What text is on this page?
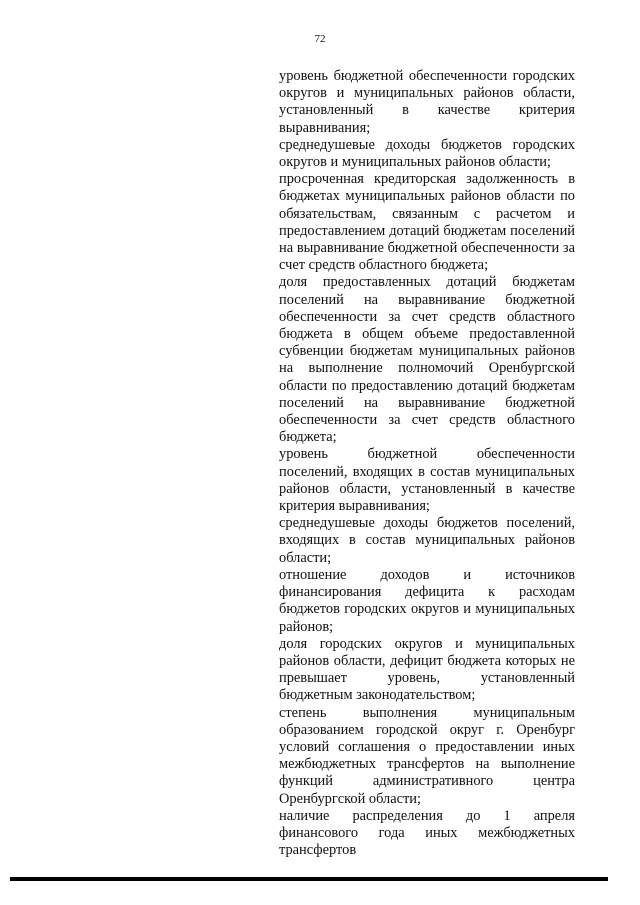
72

уровень бюджетной обеспеченности городских округов и муниципальных районов области, установленный в качестве критерия выравнивания;

среднедушевые доходы бюджетов городских округов и муниципальных районов области;

просроченная кредиторская задолженность в бюджетах муниципальных районов области по обязательствам, связанным с расчетом и предоставлением дотаций бюджетам поселений на выравнивание бюджетной обеспеченности за счет средств областного бюджета;

доля предоставленных дотаций бюджетам поселений на выравнивание бюджетной обеспеченности за счет средств областного бюджета в общем объеме предоставленной субвенции бюджетам муниципальных районов на выполнение полномочий Оренбургской области по предоставлению дотаций бюджетам поселений на выравнивание бюджетной обеспеченности за счет средств областного бюджета;

уровень бюджетной обеспеченности поселений, входящих в состав муниципальных районов области, установленный в качестве критерия выравнивания;

среднедушевые доходы бюджетов поселений, входящих в состав муниципальных районов области;

отношение доходов и источников финансирования дефицита к расходам бюджетов городских округов и муниципальных районов;

доля городских округов и муниципальных районов области, дефицит бюджета которых не превышает уровень, установленный бюджетным законодательством;

степень выполнения муниципальным образованием городской округ г. Оренбург условий соглашения о предоставлении иных межбюджетных трансфертов на выполнение функций административного центра Оренбургской области;

наличие распределения до 1 апреля финансового года иных межбюджетных трансфертов
